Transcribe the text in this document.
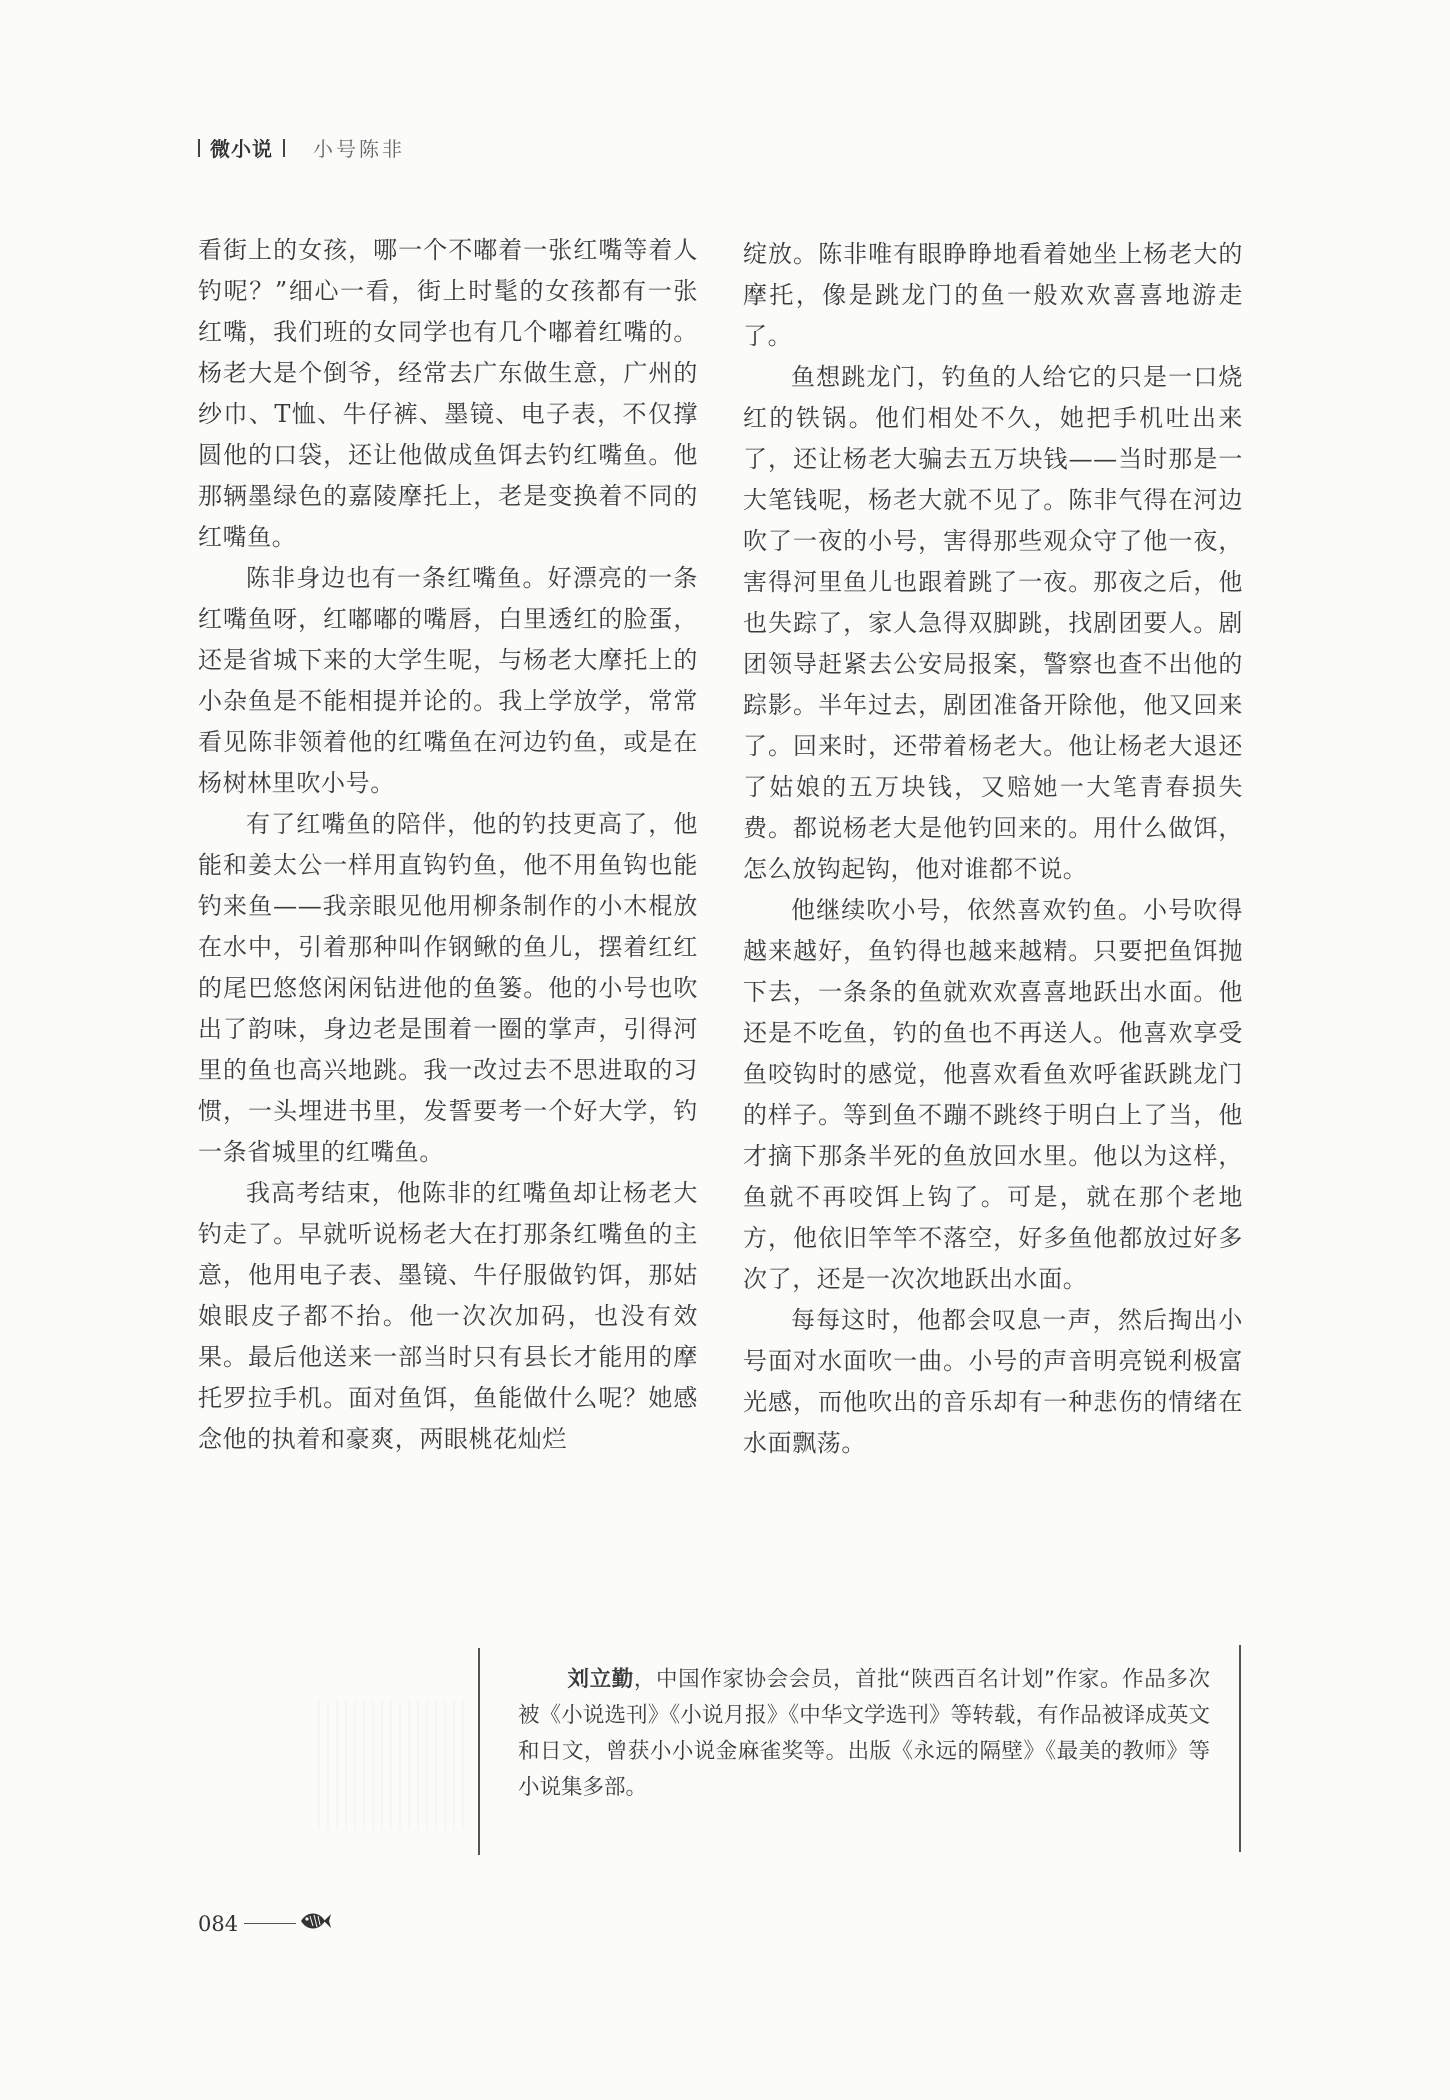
微小说 小号陈非

看街上的女孩，哪一个不嘟着一张红嘴等着人钓呢？”细心一看，街上时髦的女孩都有一张红嘴，我们班的女同学也有几个嘟着红嘴的。杨老大是个倒爷，经常去广东做生意，广州的纱巾、T恤、牛仔裤、墨镜、电子表，不仅撑圆他的口袋，还让他做成鱼饵去钓红嘴鱼。他那辆墨绿色的嘉陵摩托上，老是变换着不同的红嘴鱼。

陈非身边也有一条红嘴鱼。好漂亮的一条红嘴鱼呀，红嘟嘟的嘴唇，白里透红的脸蛋，还是省城下来的大学生呢，与杨老大摩托上的小杂鱼是不能相提并论的。我上学放学，常常看见陈非领着他的红嘴鱼在河边钓鱼，或是在杨树林里吹小号。

有了红嘴鱼的陪伴，他的钓技更高了，他能和姜太公一样用直钩钓鱼，他不用鱼钩也能钓来鱼——我亲眼见他用柳条制作的小木棍放在水中，引着那种叫作钢鳅的鱼儿，摆着红红的尾巴悠悠闲闲钻进他的鱼篓。他的小号也吹出了韵味，身边老是围着一圈的掌声，引得河里的鱼也高兴地跳。我一改过去不思进取的习惯，一头埋进书里，发誓要考一个好大学，钓一条省城里的红嘴鱼。

我高考结束，他陈非的红嘴鱼却让杨老大钓走了。早就听说杨老大在打那条红嘴鱼的主意，他用电子表、墨镜、牛仔服做钓饵，那姑娘眼皮子都不抬。他一次次加码，也没有效果。最后他送来一部当时只有县长才能用的摩托罗拉手机。面对鱼饵，鱼能做什么呢？她感念他的执着和豪爽，两眼桃花灿烂

绽放。陈非唯有眼睁睁地看着她坐上杨老大的摩托，像是跳龙门的鱼一般欢欢喜喜地游走了。

鱼想跳龙门，钓鱼的人给它的只是一口烧红的铁锅。他们相处不久，她把手机吐出来了，还让杨老大骗去五万块钱——当时那是一大笔钱呢，杨老大就不见了。陈非气得在河边吹了一夜的小号，害得那些观众守了他一夜，害得河里鱼儿也跟着跳了一夜。那夜之后，他也失踪了，家人急得双脚跳，找剧团要人。剧团领导赶紧去公安局报案，警察也查不出他的踪影。半年过去，剧团准备开除他，他又回来了。回来时，还带着杨老大。他让杨老大退还了姑娘的五万块钱，又赔她一大笔青春损失费。都说杨老大是他钓回来的。用什么做饵，怎么放钩起钩，他对谁都不说。

他继续吹小号，依然喜欢钓鱼。小号吹得越来越好，鱼钓得也越来越精。只要把鱼饵抛下去，一条条的鱼就欢欢喜喜地跃出水面。他还是不吃鱼，钓的鱼也不再送人。他喜欢享受鱼咬钩时的感觉，他喜欢看鱼欢呼雀跃跳龙门的样子。等到鱼不蹦不跳终于明白上了当，他才摘下那条半死的鱼放回水里。他以为这样，鱼就不再咬饵上钩了。可是，就在那个老地方，他依旧竿竿不落空，好多鱼他都放过好多次了，还是一次次地跃出水面。

每每这时，他都会叹息一声，然后掏出小号面对水面吹一曲。小号的声音明亮锐利极富光感，而他吹出的音乐却有一种悲伤的情绪在水面飘荡。

刘立勤，中国作家协会会员，首批“陕西百名计划”作家。作品多次被《小说选刊》《小说月报》《中华文学选刊》等转载，有作品被译成英文和日文，曾获小小说金麻雀奖等。出版《永远的隔壁》《最美的教师》等小说集多部。

084
